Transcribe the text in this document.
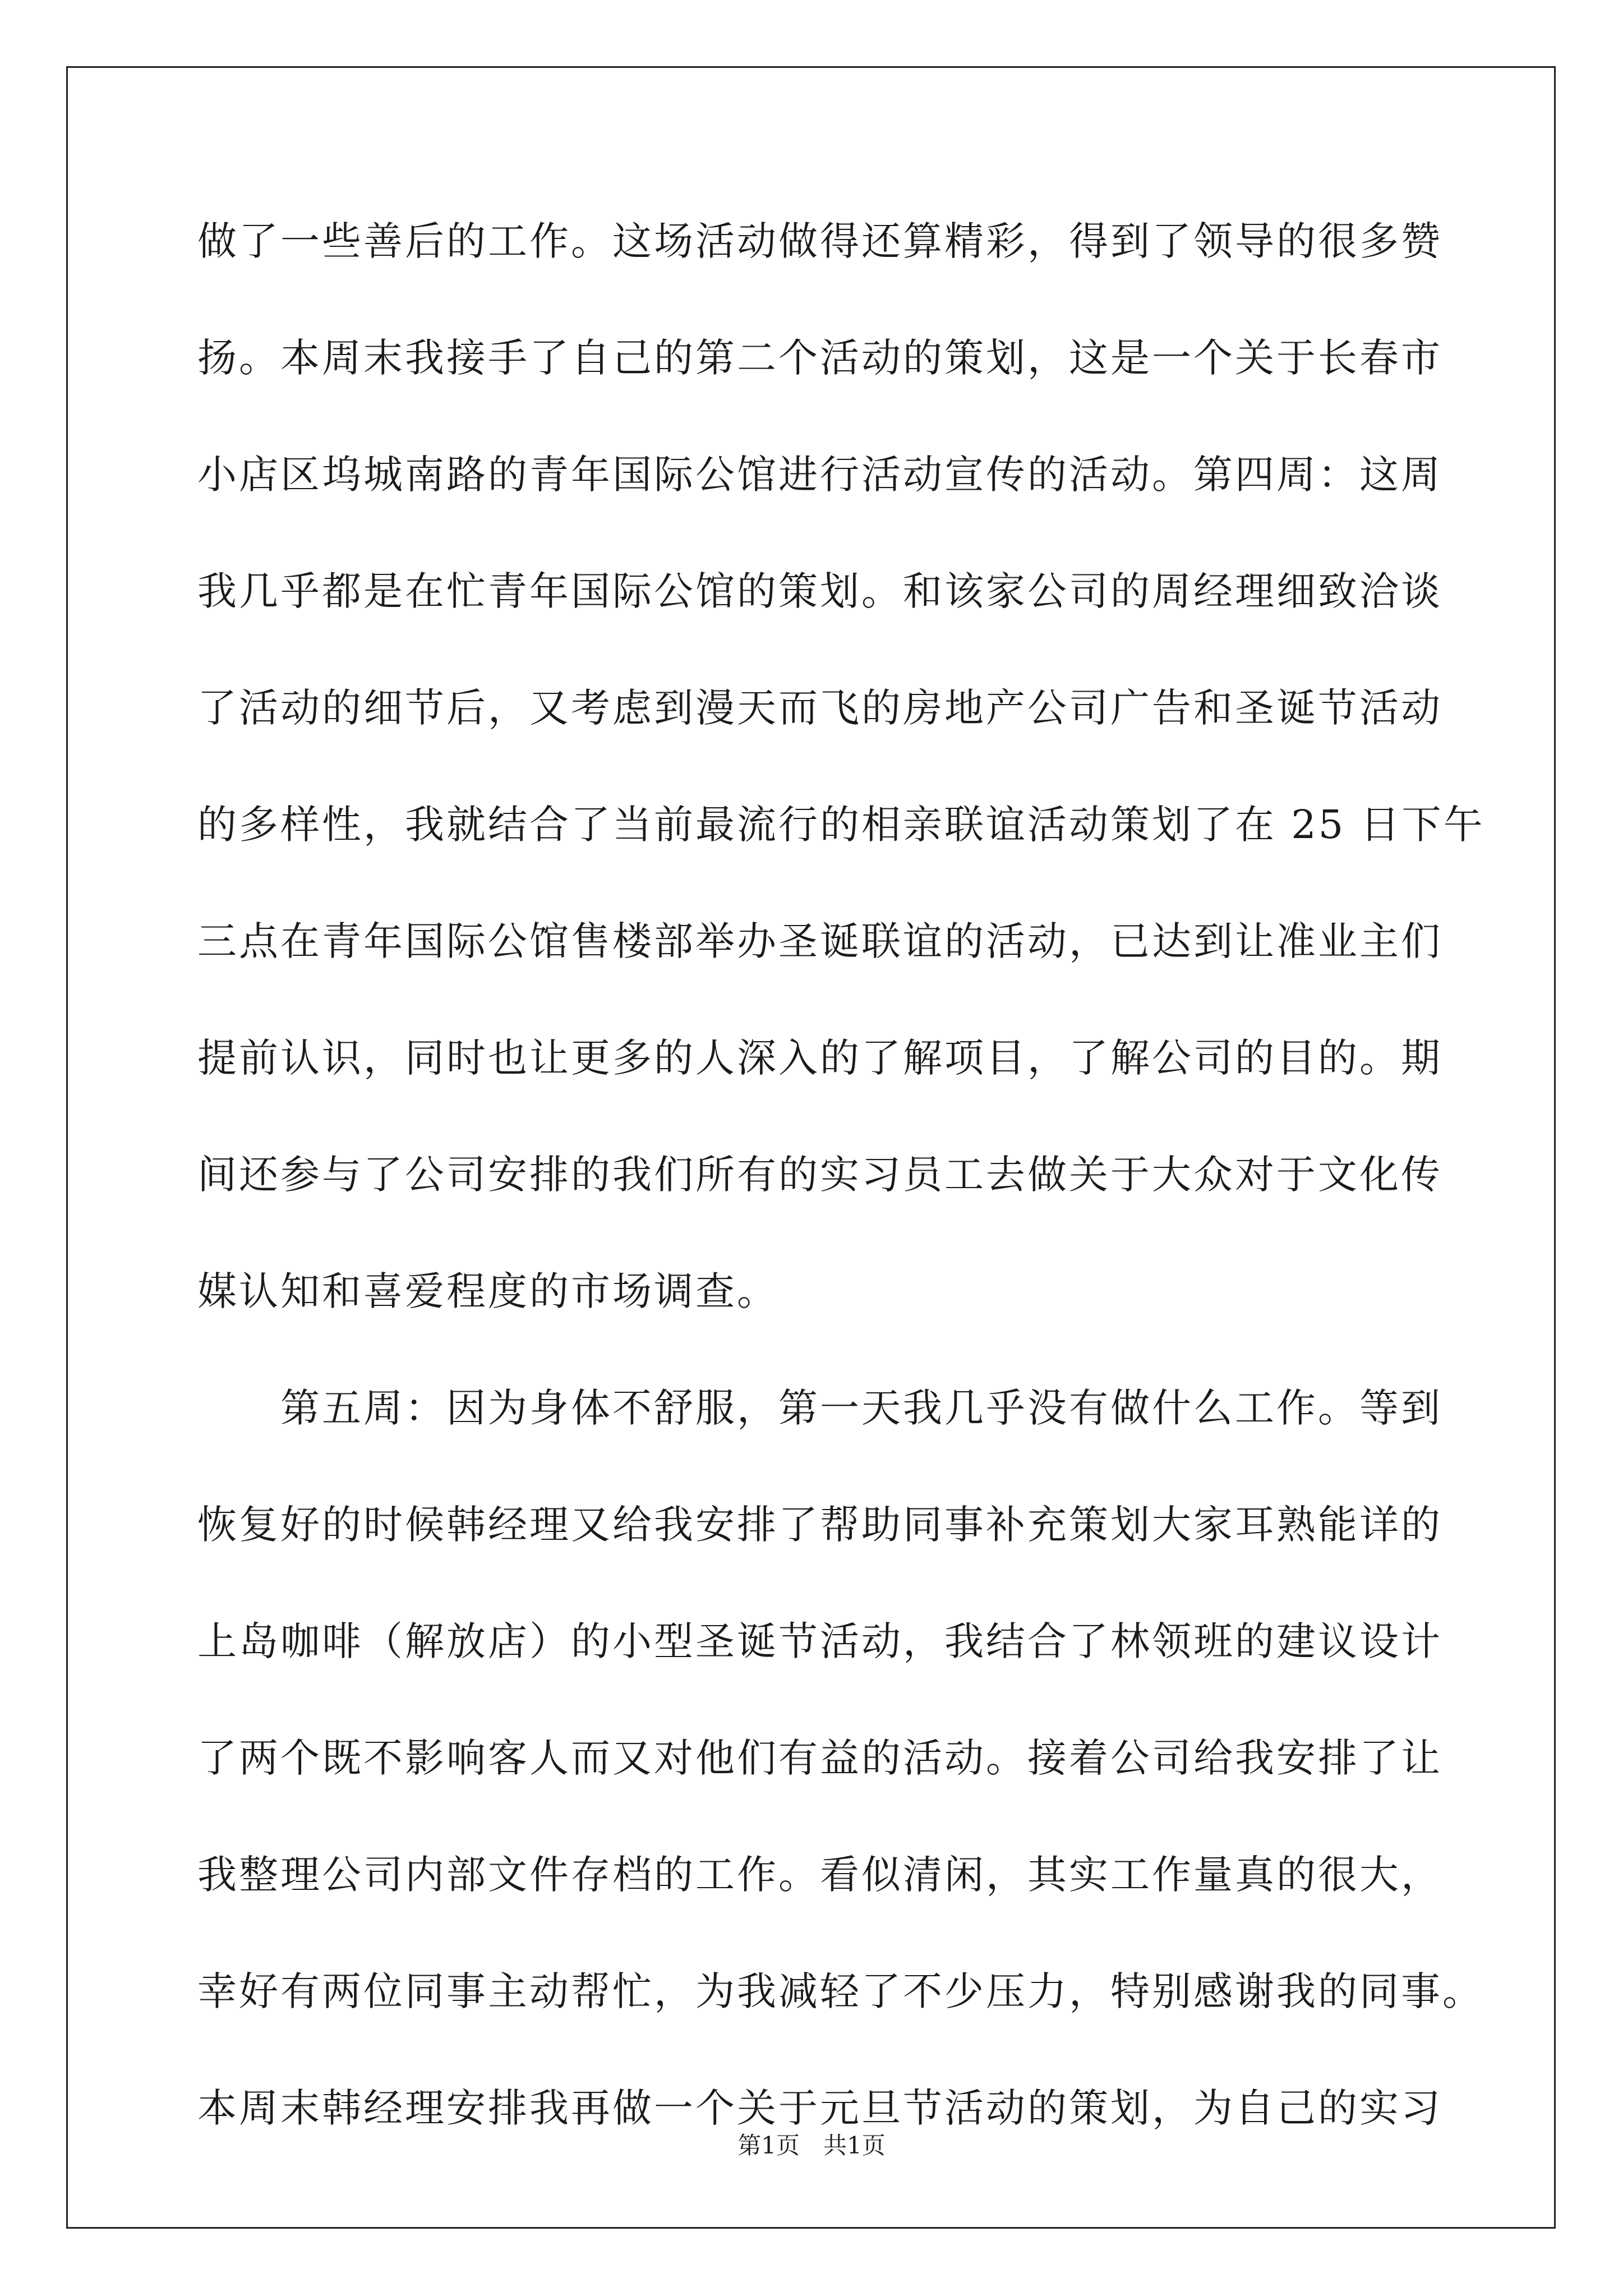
做了一些善后的工作。这场活动做得还算精彩，得到了领导的很多赞
扬。本周末我接手了自己的第二个活动的策划，这是一个关于长春市
小店区坞城南路的青年国际公馆进行活动宣传的活动。第四周：这周
我几乎都是在忙青年国际公馆的策划。和该家公司的周经理细致洽谈
了活动的细节后，又考虑到漫天而飞的房地产公司广告和圣诞节活动
的多样性，我就结合了当前最流行的相亲联谊活动策划了在 25 日下午
三点在青年国际公馆售楼部举办圣诞联谊的活动，已达到让准业主们
提前认识，同时也让更多的人深入的了解项目，了解公司的目的。期
间还参与了公司安排的我们所有的实习员工去做关于大众对于文化传
媒认知和喜爱程度的市场调查。
　　第五周：因为身体不舒服，第一天我几乎没有做什么工作。等到
恢复好的时候韩经理又给我安排了帮助同事补充策划大家耳熟能详的
上岛咖啡（解放店）的小型圣诞节活动，我结合了林领班的建议设计
了两个既不影响客人而又对他们有益的活动。接着公司给我安排了让
我整理公司内部文件存档的工作。看似清闲，其实工作量真的很大，
幸好有两位同事主动帮忙，为我减轻了不少压力，特别感谢我的同事。
本周末韩经理安排我再做一个关于元旦节活动的策划，为自己的实习
第1页　共1页
